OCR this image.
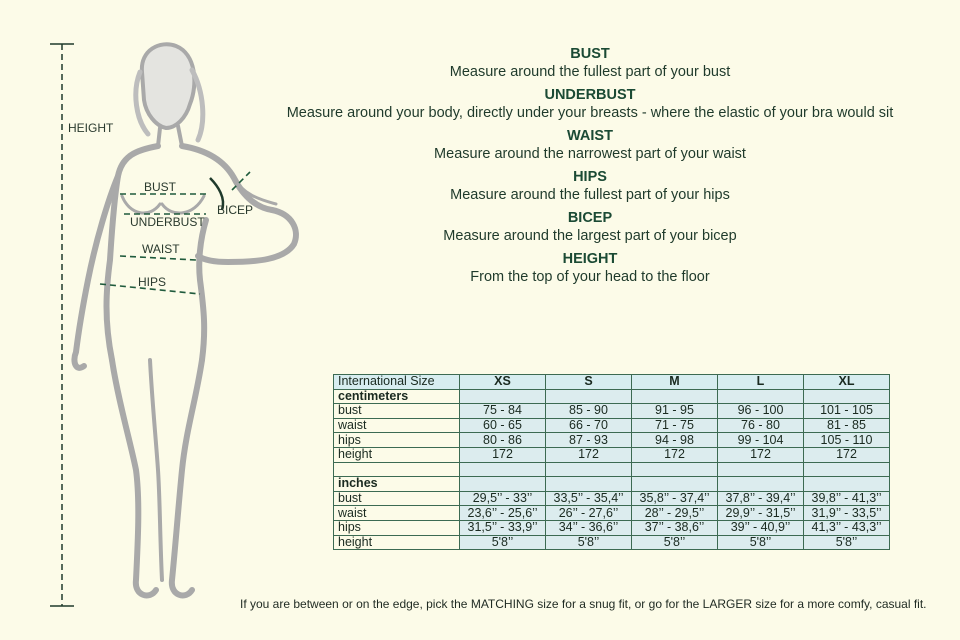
HEIGHT
BUST
UNDERBUST
WAIST
HIPS
BICEP
BUST
Measure around the fullest part of your bust
UNDERBUST
Measure around your body, directly under your breasts - where the elastic of your bra would sit
WAIST
Measure around the narrowest part of your waist
HIPS
Measure around the fullest part of your hips
BICEP
Measure around the largest part of your bicep
HEIGHT
From the top of your head to the floor
International Size	XS	S	M	L	XL
centimeters					
bust	75 - 84	85 - 90	91 - 95	96 - 100	101 - 105
waist	60 - 65	66 - 70	71 - 75	76 - 80	81 - 85
hips	80 - 86	87 - 93	94 - 98	99 - 104	105 - 110
height	172	172	172	172	172

inches					
bust	29,5’’ - 33’’	33,5’’ - 35,4’’	35,8’’ - 37,4’’	37,8’’ - 39,4’’	39,8’’ - 41,3’’
waist	23,6’’ - 25,6’’	26’’ - 27,6’’	28’’ - 29,5’’	29,9’’ - 31,5’’	31,9’’ - 33,5’’
hips	31,5’’ - 33,9’’	34’’ - 36,6’’	37’’ - 38,6’’	39’’ - 40,9’’	41,3’’ - 43,3’’
height	5'8’’	5'8’’	5'8’’	5'8’’	5'8’’
If you are between or on the edge, pick the MATCHING size for a snug fit, or go for the LARGER size for a more comfy, casual fit.
